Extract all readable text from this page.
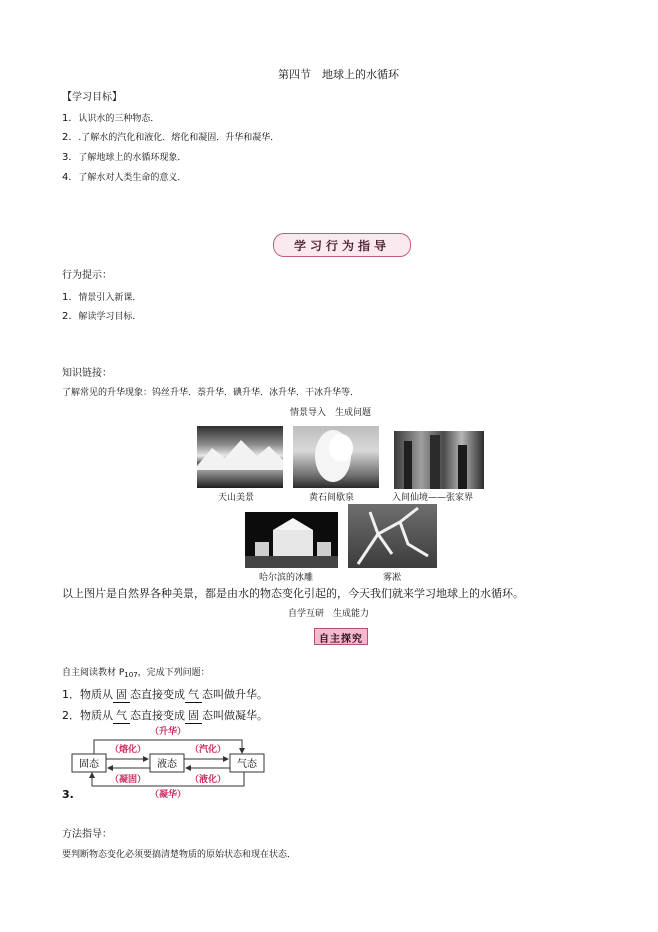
第四节　地球上的水循环
【学习目标】
1．认识水的三种物态．
2．.了解水的汽化和液化．熔化和凝固．升华和凝华．
3．了解地球上的水循环现象．
4．了解水对人类生命的意义．
学习行为指导
行为提示：
1．情景引入新课．
2．解读学习目标．
知识链接：
了解常见的升华现象：钨丝升华．萘升华．碘升华．冰升华．干冰升华等．
情景导入　生成问题
天山美景	黄石间歇泉	入间仙境——张家界
哈尔滨的冰雕	雾凇
以上图片是自然界各种美景，都是由水的物态变化引起的，今天我们就来学习地球上的水循环。
自学互研　生成能力
自主探究
自主阅读教材 $P_{107}$，完成下列问题：
1．物质从 固 态直接变成 气 态叫做升华。
2．物质从 气 态直接变成 固 态叫做凝华。
固态	液态	气态
（升华）
（熔化）
（凝固）
（汽化）
（液化）
（凝华）
3.
方法指导：
要判断物态变化必须要搞清楚物质的原始状态和现在状态．
